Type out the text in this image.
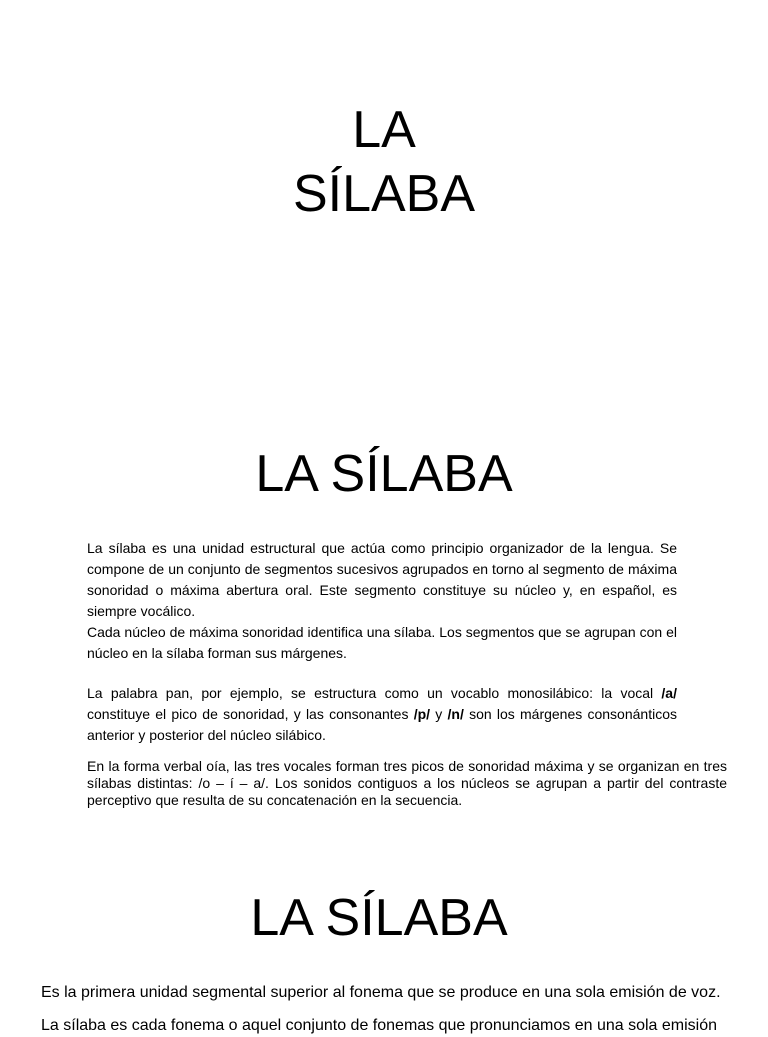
LA
SÍLABA
LA SÍLABA

La sílaba es una unidad estructural que actúa como principio organizador de la lengua. Se compone de un conjunto de segmentos sucesivos agrupados en torno al segmento de máxima sonoridad o máxima abertura oral. Este segmento constituye su núcleo y, en español, es siempre vocálico.

Cada núcleo de máxima sonoridad identifica una sílaba. Los segmentos que se agrupan con el núcleo en la sílaba forman sus márgenes.

La palabra pan, por ejemplo, se estructura como un vocablo monosilábico: la vocal /a/ constituye el pico de sonoridad, y las consonantes /p/ y /n/ son los márgenes consonánticos anterior y posterior del núcleo silábico.
En la forma verbal oía, las tres vocales forman tres picos de sonoridad máxima y se organizan en tres sílabas distintas: /o – í – a/. Los sonidos contiguos a los núcleos se agrupan a partir del contraste perceptivo que resulta de su concatenación en la secuencia.
LA SÍLABA
Es la primera unidad segmental superior al fonema que se produce en una sola emisión de voz.
La sílaba es cada fonema o aquel conjunto de fonemas que pronunciamos en una sola emisión
